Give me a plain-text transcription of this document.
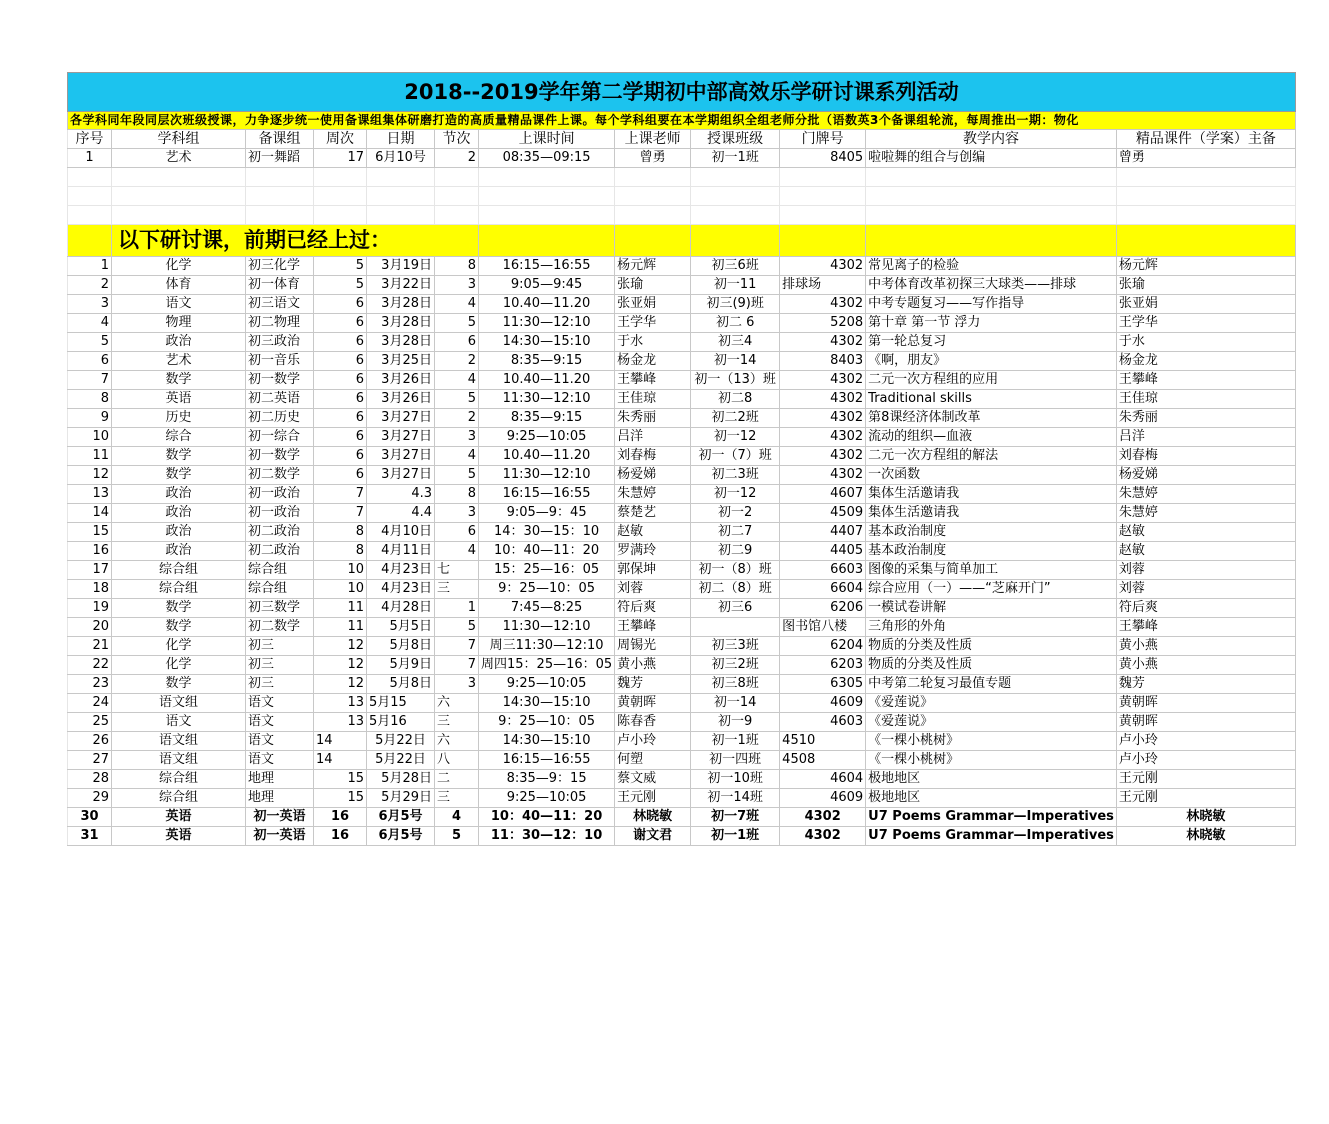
2018--2019学年第二学期初中部高效乐学研讨课系列活动											
各学科同年段同层次班级授课，力争逐步统一使用备课组集体研磨打造的高质量精品课件上课。每个学科组要在本学期组织全组老师分批（语数英3个备课组轮流，每周推出一期：物化											
序号	学科组	备课组	周次	日期	节次	上课时间	上课老师	授课班级	门牌号	教学内容	精品课件（学案）主备
1	艺术	初一舞蹈	17	6月10号	2	08:35—09:15	曾勇	初一1班	8405	啦啦舞的组合与创编	曾勇

	以下研讨课，前期已经上过：										
1	化学	初三化学	5	3月19日	8	16:15—16:55	杨元辉	初三6班	4302	常见离子的检验	杨元辉
2	体育	初一体育	5	3月22日	3	9:05—9:45	张瑜	初一11	排球场	中考体育改革初探三大球类——排球	张瑜
3	语文	初三语文	6	3月28日	4	10.40—11.20	张亚娟	初三(9)班	4302	中考专题复习——写作指导	张亚娟
4	物理	初二物理	6	3月28日	5	11:30—12:10	王学华	初二 6	5208	第十章 第一节 浮力	王学华
5	政治	初三政治	6	3月28日	6	14:30—15:10	于水	初三4	4302	第一轮总复习	于水
6	艺术	初一音乐	6	3月25日	2	8:35—9:15	杨金龙	初一14	8403	《啊，朋友》	杨金龙
7	数学	初一数学	6	3月26日	4	10.40—11.20	王攀峰	初一（13）班	4302	二元一次方程组的应用	王攀峰
8	英语	初二英语	6	3月26日	5	11:30—12:10	王佳琼	初二8	4302	Traditional skills	王佳琼
9	历史	初二历史	6	3月27日	2	8:35—9:15	朱秀丽	初二2班	4302	第8课经济体制改革	朱秀丽
10	综合	初一综合	6	3月27日	3	9:25—10:05	吕洋	初一12	4302	流动的组织—血液	吕洋
11	数学	初一数学	6	3月27日	4	10.40—11.20	刘春梅	初一（7）班	4302	二元一次方程组的解法	刘春梅
12	数学	初二数学	6	3月27日	5	11:30—12:10	杨爱娣	初二3班	4302	一次函数	杨爱娣
13	政治	初一政治	7	4.3	8	16:15—16:55	朱慧婷	初一12	4607	集体生活邀请我	朱慧婷
14	政治	初一政治	7	4.4	3	9:05—9：45	蔡楚艺	初一2	4509	集体生活邀请我	朱慧婷
15	政治	初二政治	8	4月10日	6	14：30—15：10	赵敏	初二7	4407	基本政治制度	赵敏
16	政治	初二政治	8	4月11日	4	10：40—11：20	罗满玲	初二9	4405	基本政治制度	赵敏
17	综合组	综合组	10	4月23日	七	15：25—16：05	郭保坤	初一（8）班	6603	图像的采集与简单加工	刘蓉
18	综合组	综合组	10	4月23日	三	9：25—10：05	刘蓉	初二（8）班	6604	综合应用（一）——“芝麻开门”	刘蓉
19	数学	初三数学	11	4月28日	1	7:45—8:25	符后爽	初三6	6206	一模试卷讲解	符后爽
20	数学	初二数学	11	5月5日	5	11:30—12:10	王攀峰		图书馆八楼	三角形的外角	王攀峰
21	化学	初三	12	5月8日	7	周三11:30—12:10	周锡光	初三3班	6204	物质的分类及性质	黄小燕
22	化学	初三	12	5月9日	7	周四15：25—16：05	黄小燕	初三2班	6203	物质的分类及性质	黄小燕
23	数学	初三	12	5月8日	3	9:25—10:05	魏芳	初三8班	6305	中考第二轮复习最值专题	魏芳
24	语文组	语文	13	5月15	六	14:30—15:10	黄朝晖	初一14	4609	《爱莲说》	黄朝晖
25	语文	语文	13	5月16	三	9：25—10：05	陈春香	初一9	4603	《爱莲说》	黄朝晖
26	语文组	语文	14	5月22日	六	14:30—15:10	卢小玲	初一1班	4510	《一棵小桃树》	卢小玲
27	语文组	语文	14	5月22日	八	16:15—16:55	何塑	初一四班	4508	《一棵小桃树》	卢小玲
28	综合组	地理	15	5月28日	二	8:35—9：15	蔡文威	初一10班	4604	极地地区	王元刚
29	综合组	地理	15	5月29日	三	9:25—10:05	王元刚	初一14班	4609	极地地区	王元刚
30	英语	初一英语	16	6月5号	4	10：40—11：20	林晓敏	初一7班	4302	U7 Poems Grammar—Imperatives	林晓敏
31	英语	初一英语	16	6月5号	5	11：30—12：10	谢文君	初一1班	4302	U7 Poems Grammar—Imperatives	林晓敏
